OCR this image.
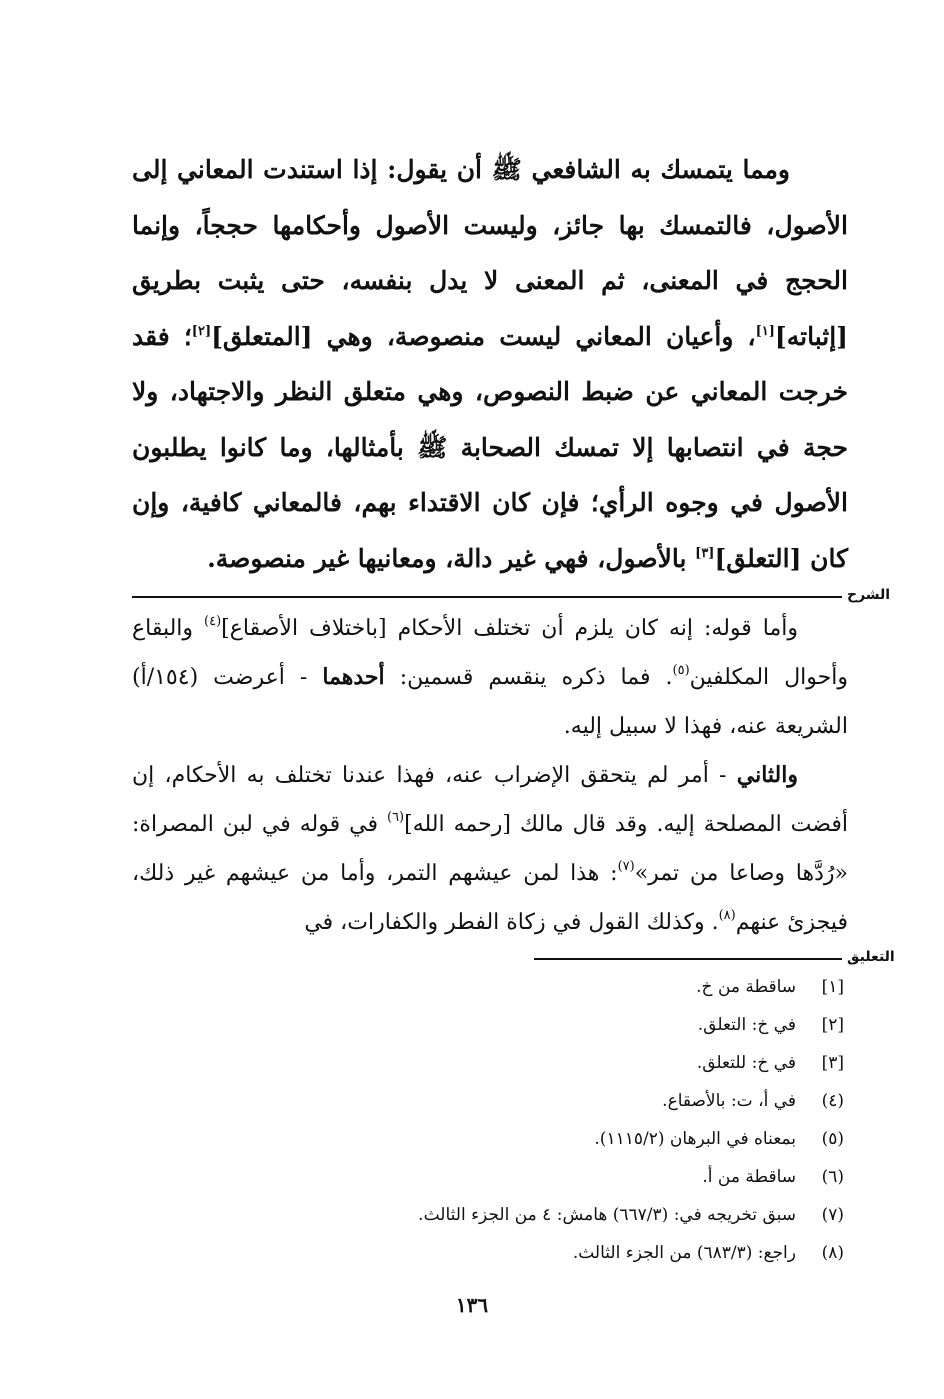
ومما يتمسك به الشافعي ﷺ أن يقول: إذا استندت المعاني إلى الأصول، فالتمسك بها جائز، وليست الأصول وأحكامها حججاً، وإنما الحجج في المعنى، ثم المعنى لا يدل بنفسه، حتى يثبت بطريق [إثباته][١]، وأعيان المعاني ليست منصوصة، وهي [المتعلق][٢]؛ فقد خرجت المعاني عن ضبط النصوص، وهي متعلق النظر والاجتهاد، ولا حجة في انتصابها إلا تمسك الصحابة ﷺ بأمثالها، وما كانوا يطلبون الأصول في وجوه الرأي؛ فإن كان الاقتداء بهم، فالمعاني كافية، وإن كان [التعلق][٣] بالأصول، فهي غير دالة، ومعانيها غير منصوصة.

الشرح

وأما قوله: إنه كان يلزم أن تختلف الأحكام [باختلاف الأصقاع]$^{(٤)}$ والبقاع وأحوال المكلفين$^{(٥)}$. فما ذكره ينقسم قسمين: أحدهما - أعرضت (١٥٤/أ) الشريعة عنه، فهذا لا سبيل إليه.

والثاني - أمر لم يتحقق الإضراب عنه، فهذا عندنا تختلف به الأحكام، إن أفضت المصلحة إليه. وقد قال مالك [رحمه الله]$^{(٦)}$ في قوله في لبن المصراة: «رُدَّها وصاعا من تمر»$^{(٧)}$: هذا لمن عيشهم التمر، وأما من عيشهم غير ذلك، فيجزئ عنهم$^{(٨)}$. وكذلك القول في زكاة الفطر والكفارات، في

التعليق
[١]
ساقطة من خ.
[٢]
في خ: التعلق.
[٣]
في خ: للتعلق.
(٤)
في أ، ت: بالأصقاع.
(٥)
بمعناه في البرهان (١١١٥/٢).
(٦)
ساقطة من أ.
(٧)
سبق تخريجه في: (٦٦٧/٣) هامش: ٤ من الجزء الثالث.
(٨)
راجع: (٦٨٣/٣) من الجزء الثالث.
١٣٦
